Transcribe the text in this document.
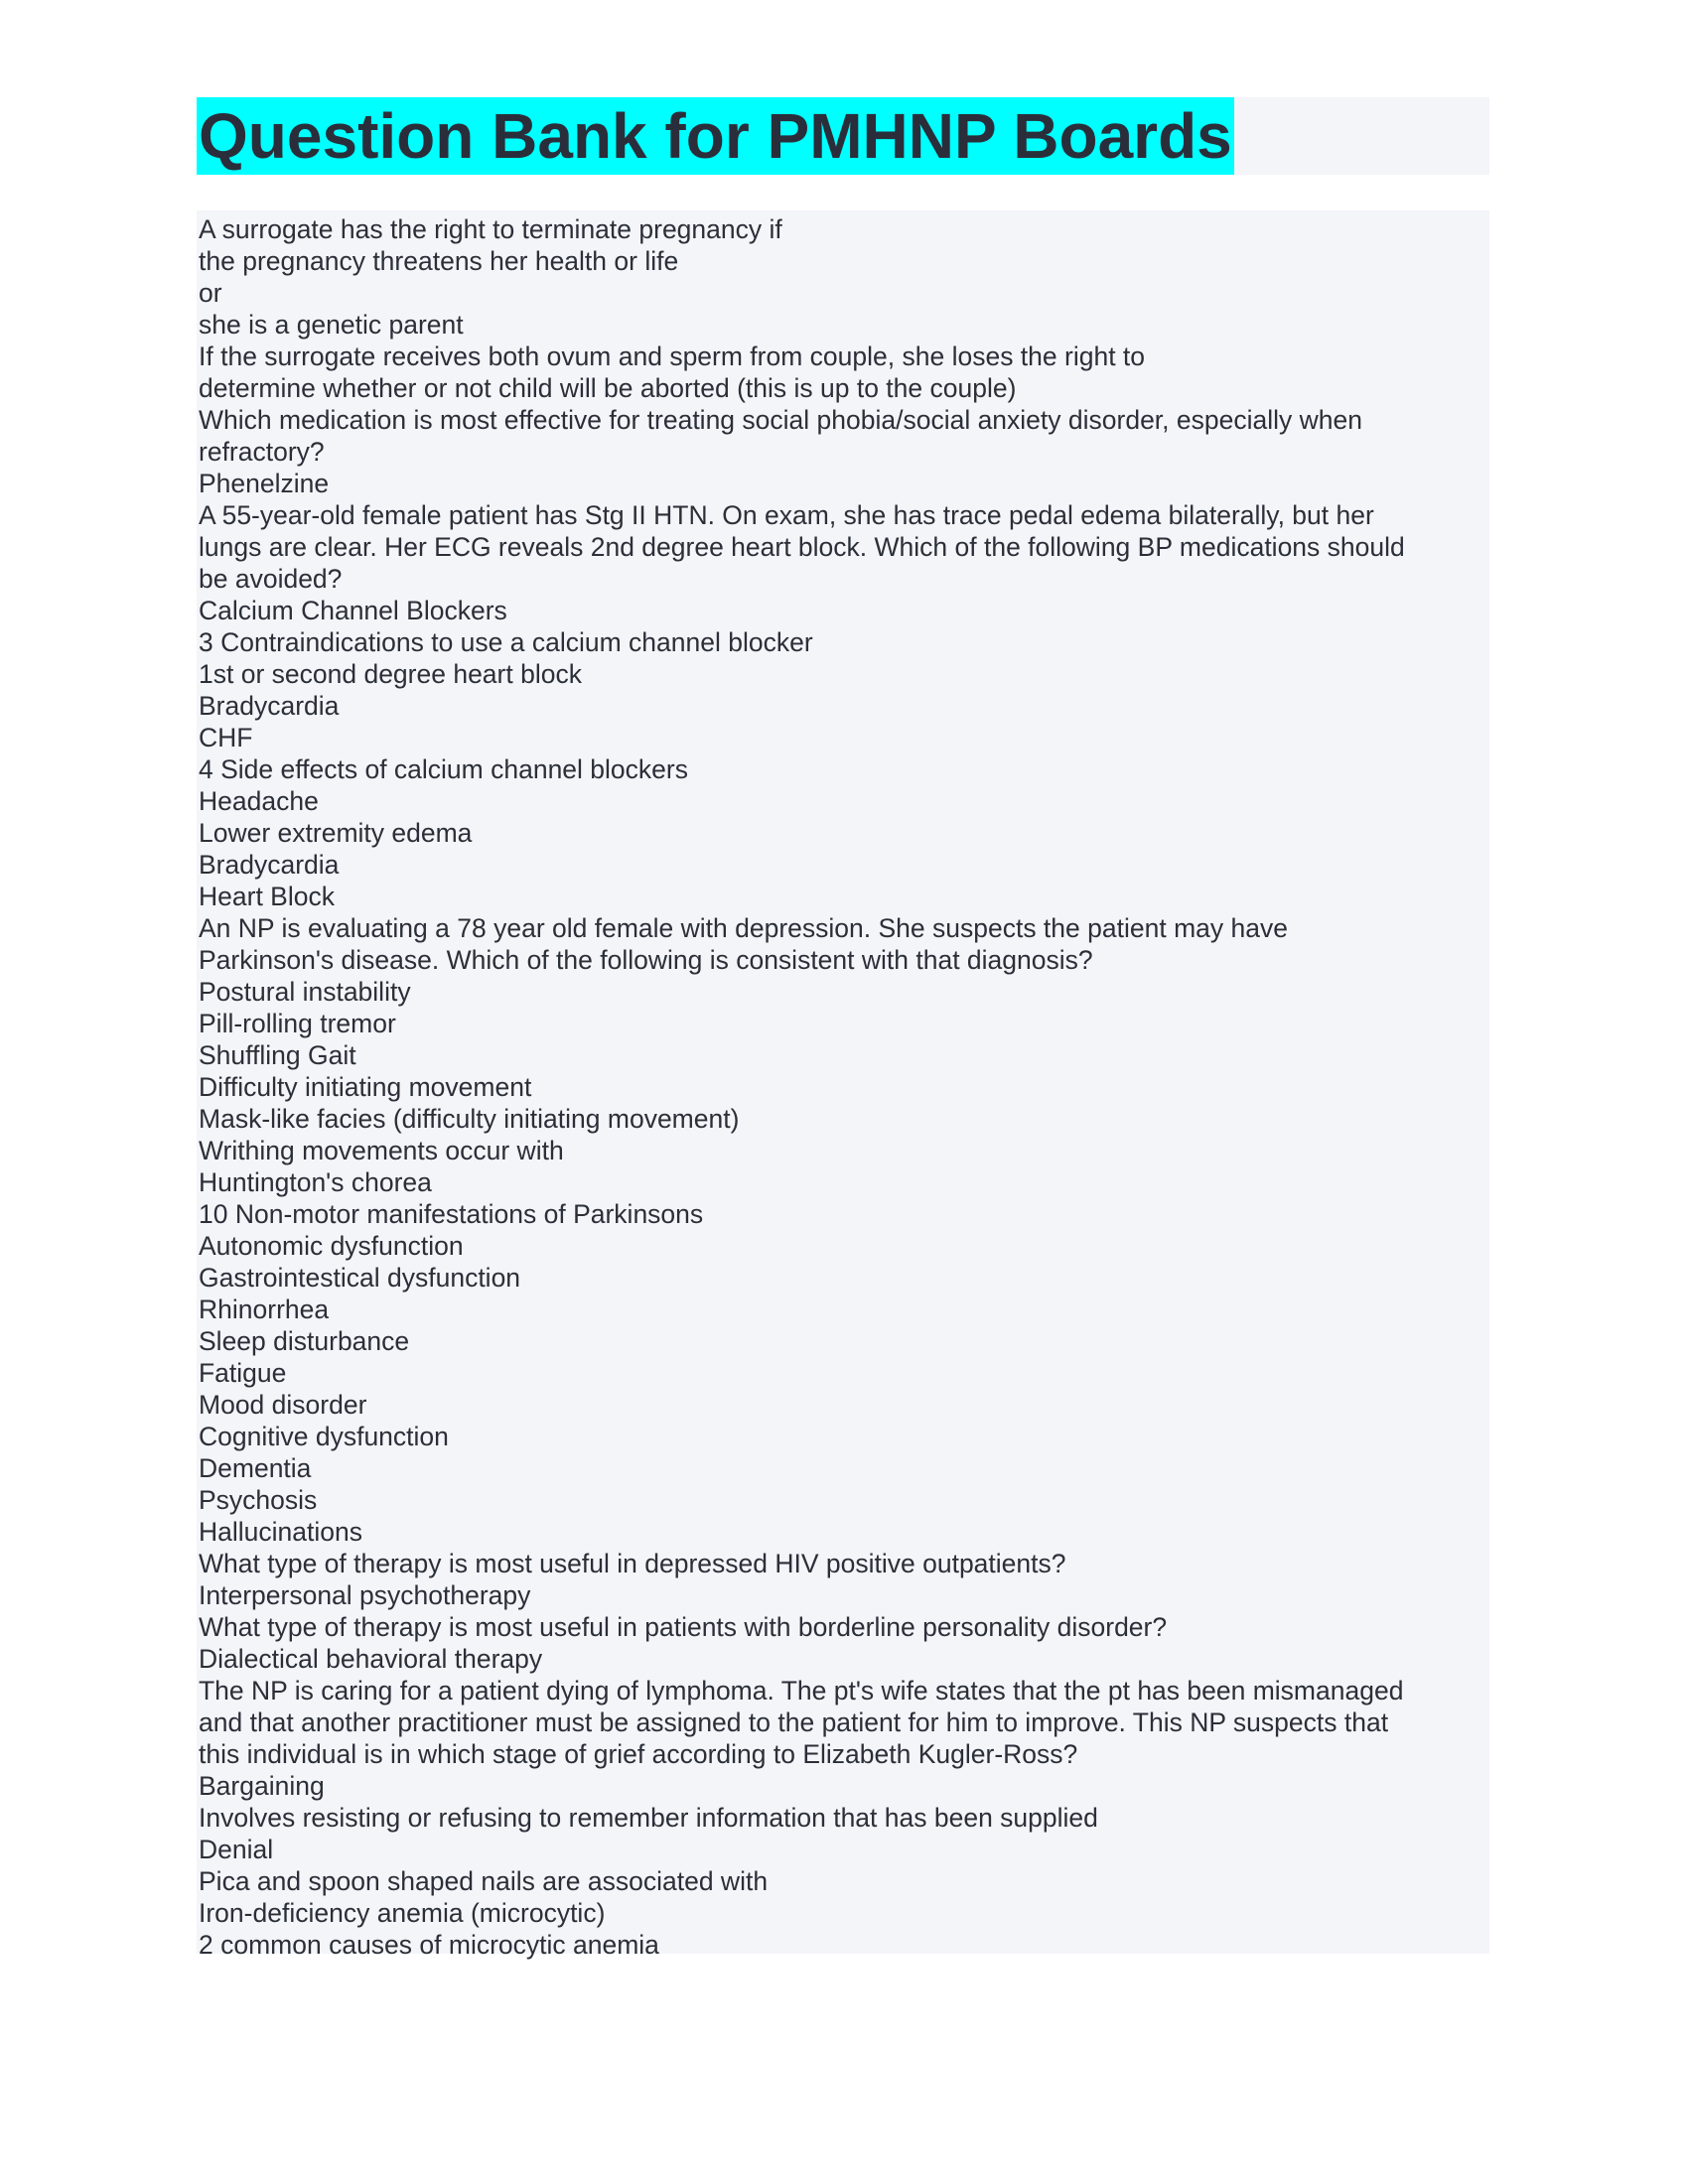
Question Bank for PMHNP Boards
A surrogate has the right to terminate pregnancy if
the pregnancy threatens her health or life
or
she is a genetic parent
If the surrogate receives both ovum and sperm from couple, she loses the right to
determine whether or not child will be aborted (this is up to the couple)
Which medication is most effective for treating social phobia/social anxiety disorder, especially when
refractory?
Phenelzine
A 55-year-old female patient has Stg II HTN. On exam, she has trace pedal edema bilaterally, but her
lungs are clear. Her ECG reveals 2nd degree heart block. Which of the following BP medications should
be avoided?
Calcium Channel Blockers
3 Contraindications to use a calcium channel blocker
1st or second degree heart block
Bradycardia
CHF
4 Side effects of calcium channel blockers
Headache
Lower extremity edema
Bradycardia
Heart Block
An NP is evaluating a 78 year old female with depression. She suspects the patient may have
Parkinson's disease. Which of the following is consistent with that diagnosis?
Postural instability
Pill-rolling tremor
Shuffling Gait
Difficulty initiating movement
Mask-like facies (difficulty initiating movement)
Writhing movements occur with
Huntington's chorea
10 Non-motor manifestations of Parkinsons
Autonomic dysfunction
Gastrointestical dysfunction
Rhinorrhea
Sleep disturbance
Fatigue
Mood disorder
Cognitive dysfunction
Dementia
Psychosis
Hallucinations
What type of therapy is most useful in depressed HIV positive outpatients?
Interpersonal psychotherapy
What type of therapy is most useful in patients with borderline personality disorder?
Dialectical behavioral therapy
The NP is caring for a patient dying of lymphoma. The pt's wife states that the pt has been mismanaged
and that another practitioner must be assigned to the patient for him to improve. This NP suspects that
this individual is in which stage of grief according to Elizabeth Kugler-Ross?
Bargaining
Involves resisting or refusing to remember information that has been supplied
Denial
Pica and spoon shaped nails are associated with
Iron-deficiency anemia (microcytic)
2 common causes of microcytic anemia
